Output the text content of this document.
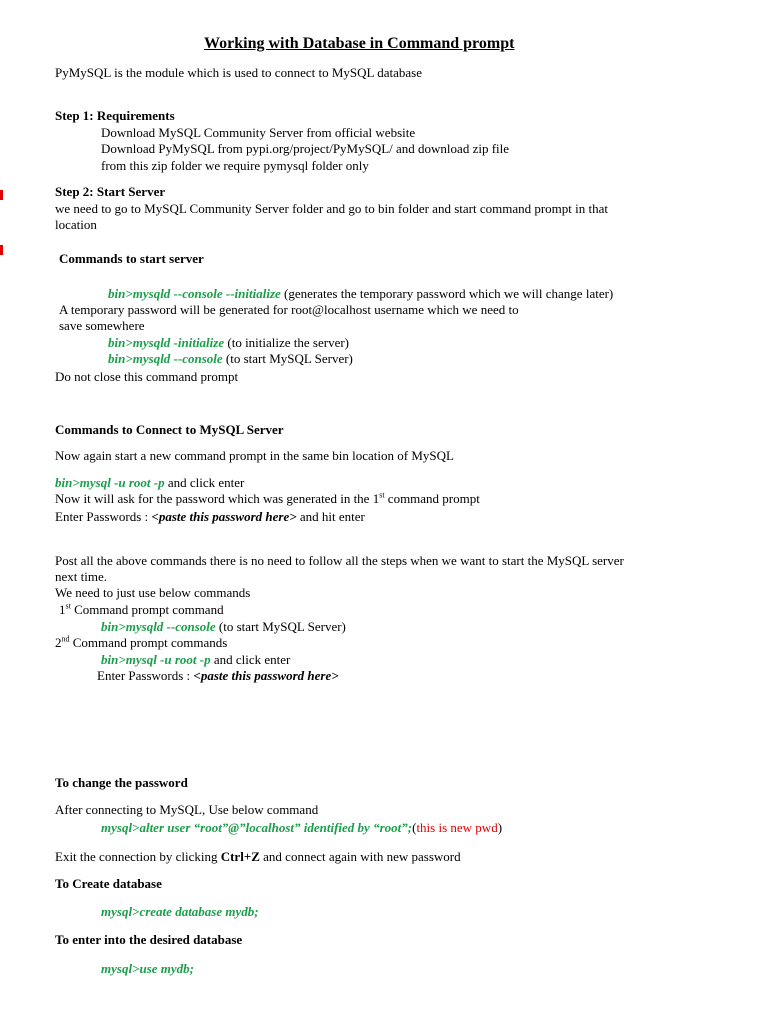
Working with Database in Command prompt
PyMySQL is the module which is used to connect to MySQL database
Step 1: Requirements
Download MySQL Community Server from official website
Download PyMySQL from pypi.org/project/PyMySQL/ and download zip file
from this zip folder we require pymysql folder only
Step 2: Start Server
we need to go to MySQL Community Server folder and go to bin folder and start command prompt in that
location
Commands to start server
bin>mysqld --console --initialize (generates the temporary password which we will change later)
A temporary password will be generated for root@localhost username which we need to
save somewhere
bin>mysqld -initialize (to initialize the server)
bin>mysqld --console (to start MySQL Server)
Do not close this command prompt
Commands to Connect to MySQL Server
Now again start a new command prompt in the same bin location of MySQL
bin>mysql -u root -p and click enter
Now it will ask for the password which was generated in the 1st command prompt
Enter Passwords : <paste this password here> and hit enter
Post all the above commands there is no need to follow all the steps when we want to start the MySQL server
next time.
We need to just use below commands
1st Command prompt command
bin>mysqld --console (to start MySQL Server)
2nd Command prompt commands
bin>mysql -u root -p and click enter
Enter Passwords : <paste this password here>
To change the password
After connecting to MySQL, Use below command
mysql>alter user “root”@”localhost” identified by “root”;(this is new pwd)
Exit the connection by clicking Ctrl+Z and connect again with new password
To Create database
mysql>create database mydb;
To enter into the desired database
mysql>use mydb;
